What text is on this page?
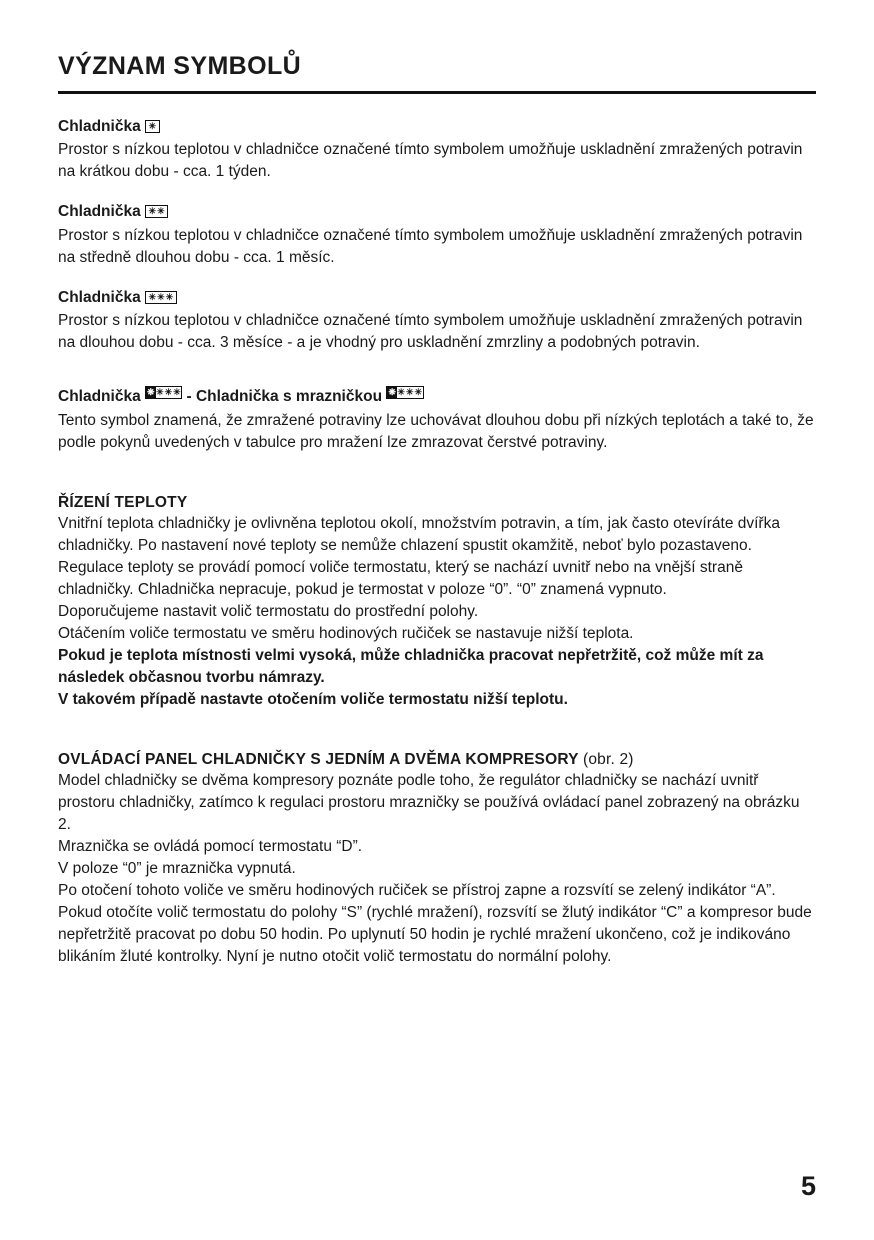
VÝZNAM SYMBOLŮ
Chladnička ✳

Prostor s nízkou teplotou v chladničce označené tímto symbolem umožňuje uskladnění zmražených potravin na krátkou dobu - cca. 1 týden.

Chladnička ✳✳

Prostor s nízkou teplotou v chladničce označené tímto symbolem umožňuje uskladnění zmražených potravin na středně dlouhou dobu - cca. 1 měsíc.

Chladnička ✳✳✳

Prostor s nízkou teplotou v chladničce označené tímto symbolem umožňuje uskladnění zmražených potravin na dlouhou dobu - cca. 3 měsíce - a je vhodný pro uskladnění zmrzliny a podobných potravin.

Chladnička ❋ ✳✳✳ - Chladnička s mrazničkou ❋ ✳✳✳

Tento symbol znamená, že zmražené potraviny lze uchovávat dlouhou dobu při nízkých teplotách a také to, že podle pokynů uvedených v tabulce pro mražení lze zmrazovat čerstvé potraviny.

ŘÍZENÍ TEPLOTY

Vnitřní teplota chladničky je ovlivněna teplotou okolí, množstvím potravin, a tím, jak často otevíráte dvířka chladničky. Po nastavení nové teploty se nemůže chlazení spustit okamžitě, neboť bylo pozastaveno.

Regulace teploty se provádí pomocí voliče termostatu, který se nachází uvnitř nebo na vnější straně chladničky. Chladnička nepracuje, pokud je termostat v poloze “0”. “0” znamená vypnuto.

Doporučujeme nastavit volič termostatu do prostřední polohy.

Otáčením voliče termostatu ve směru hodinových ručiček se nastavuje nižší teplota.

Pokud je teplota místnosti velmi vysoká, může chladnička pracovat nepřetržitě, což může mít za následek občasnou tvorbu námrazy.

V takovém případě nastavte otočením voliče termostatu nižší teplotu.

OVLÁDACÍ PANEL CHLADNIČKY S JEDNÍM A DVĚMA KOMPRESORY (obr. 2)

Model chladničky se dvěma kompresory poznáte podle toho, že regulátor chladničky se nachází uvnitř prostoru chladničky, zatímco k regulaci prostoru mrazničky se používá ovládací panel zobrazený na obrázku 2.

Mraznička se ovládá pomocí termostatu “D”.

V poloze “0” je mraznička vypnutá.

Po otočení tohoto voliče ve směru hodinových ručiček se přístroj zapne a rozsvítí se zelený indikátor “A”.

Pokud otočíte volič termostatu do polohy “S” (rychlé mražení), rozsvítí se žlutý indikátor “C” a kompresor bude nepřetržitě pracovat po dobu 50 hodin. Po uplynutí 50 hodin je rychlé mražení ukončeno, což je indikováno blikáním žluté kontrolky. Nyní je nutno otočit volič termostatu do normální polohy.

5
